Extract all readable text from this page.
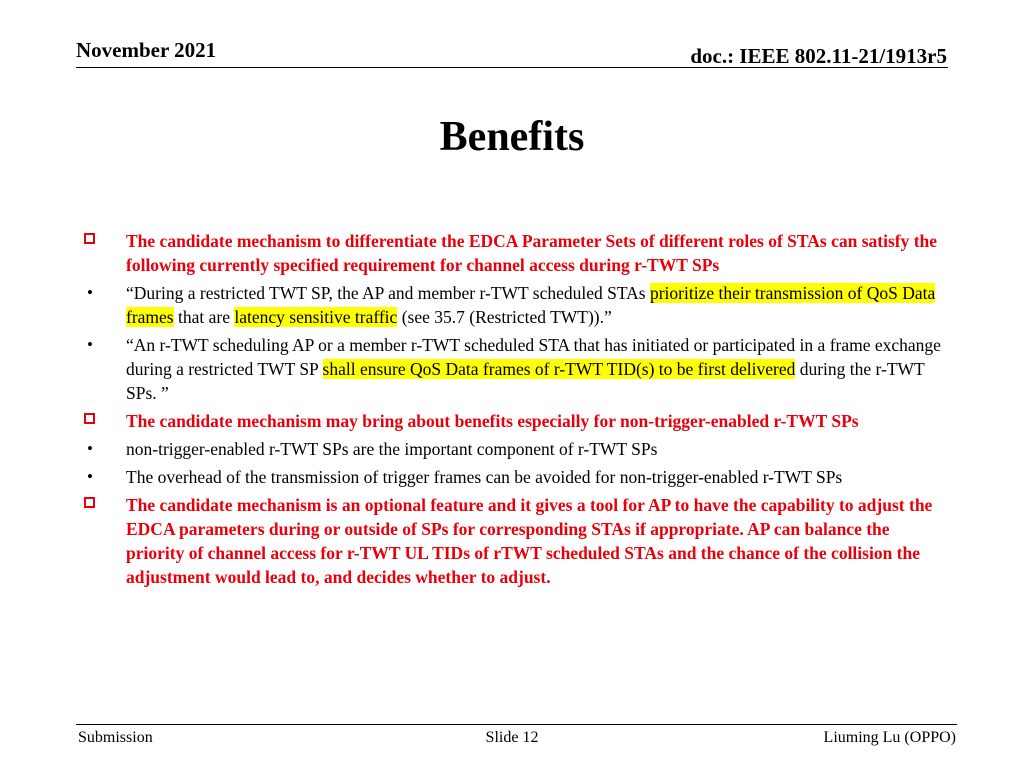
November 2021	doc.: IEEE 802.11-21/1913r5
Benefits
The candidate mechanism to differentiate the EDCA Parameter Sets of different roles of STAs can satisfy the following currently specified requirement for channel access during r-TWT SPs
• “During a restricted TWT SP, the AP and member r-TWT scheduled STAs prioritize their transmission of QoS Data frames that are latency sensitive traffic (see 35.7 (Restricted TWT)).”
• “An r-TWT scheduling AP or a member r-TWT scheduled STA that has initiated or participated in a frame exchange during a restricted TWT SP shall ensure QoS Data frames of r-TWT TID(s) to be first delivered during the r-TWT SPs. ”
The candidate mechanism may bring about benefits especially for non-trigger-enabled r-TWT SPs
• non-trigger-enabled r-TWT SPs are the important component of r-TWT SPs
• The overhead of the transmission of trigger frames can be avoided for non-trigger-enabled r-TWT SPs
The candidate mechanism is an optional feature and it gives a tool for AP to have the capability to adjust the EDCA parameters during or outside of SPs for corresponding STAs if appropriate. AP can balance the priority of channel access for r-TWT UL TIDs of rTWT scheduled STAs and the chance of the collision the adjustment would lead to, and decides whether to adjust.
Submission	Slide 12	Liuming Lu (OPPO)
